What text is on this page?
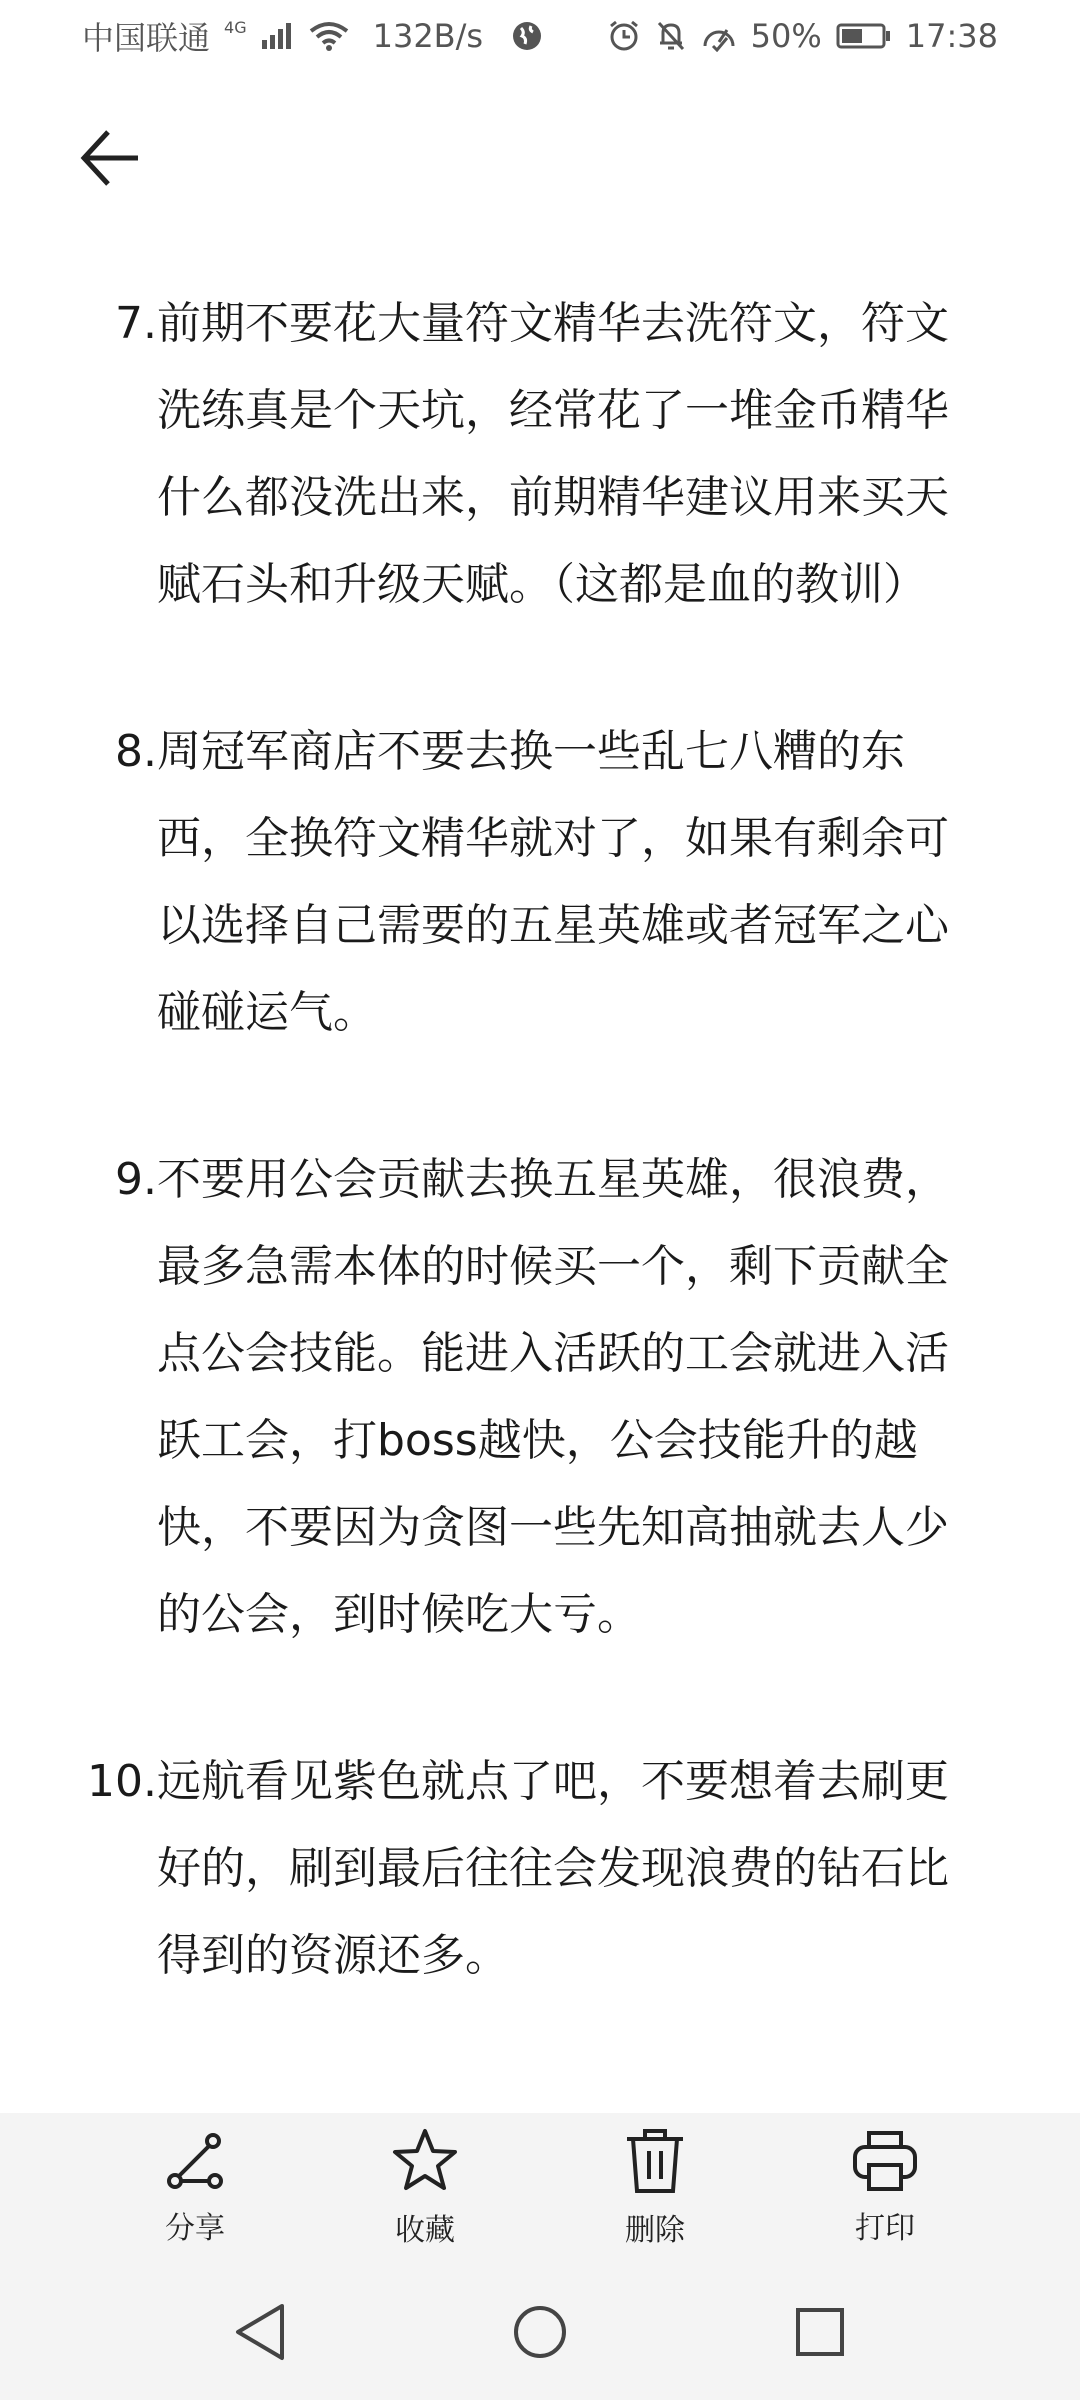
中国联通 4G	132B/s	50%	17:38
7. 前期不要花大量符文精华去洗符文，符文洗练真是个天坑，经常花了一堆金币精华什么都没洗出来，前期精华建议用来买天赋石头和升级天赋。（这都是血的教训）
8. 周冠军商店不要去换一些乱七八糟的东西，全换符文精华就对了，如果有剩余可以选择自己需要的五星英雄或者冠军之心碰碰运气。
9. 不要用公会贡献去换五星英雄，很浪费，最多急需本体的时候买一个，剩下贡献全点公会技能。能进入活跃的工会就进入活跃工会，打boss越快，公会技能升的越快，不要因为贪图一些先知高抽就去人少的公会，到时候吃大亏。
10. 远航看见紫色就点了吧，不要想着去刷更好的，刷到最后往往会发现浪费的钻石比得到的资源还多。
分享	收藏	删除	打印
